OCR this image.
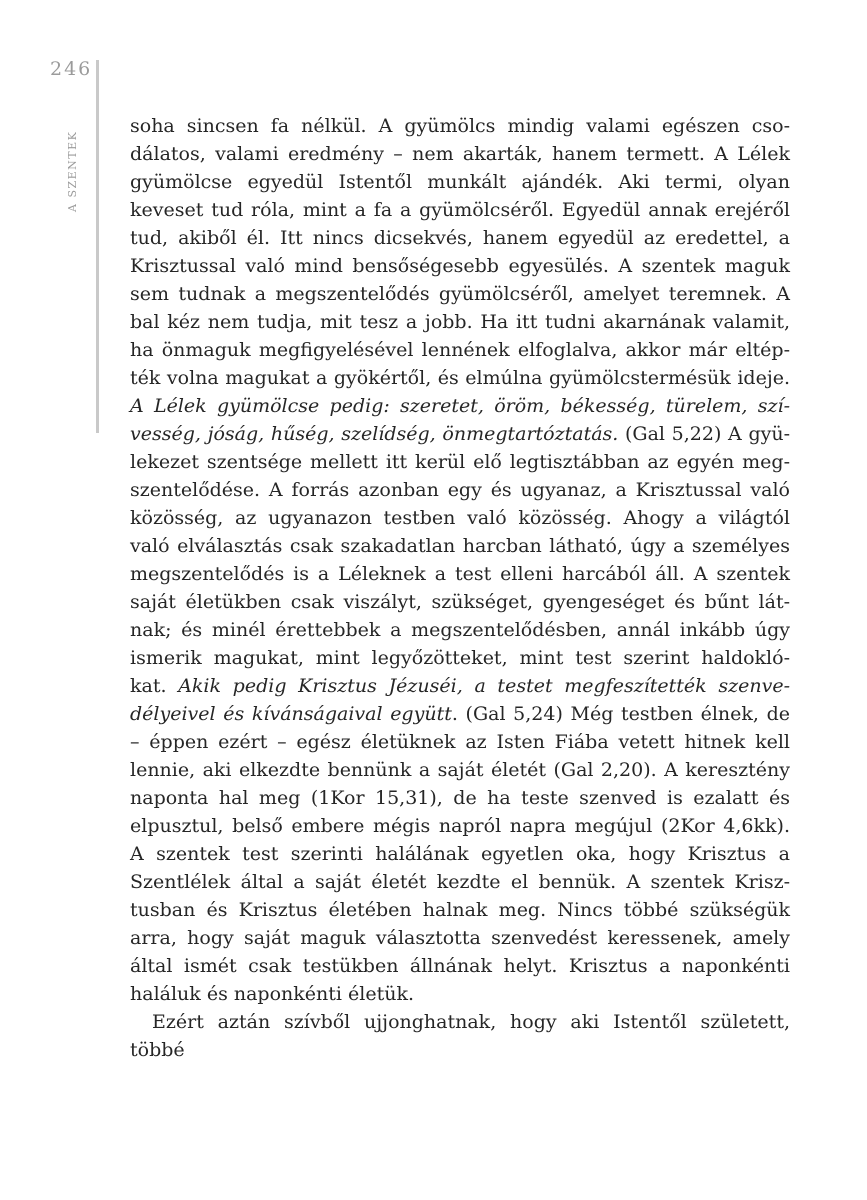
246
A SZENTEK
soha sincsen fa nélkül. A gyümölcs mindig valami egészen cso-
dálatos, valami eredmény – nem akarták, hanem termett. A Lélek
gyümölcse egyedül Istentől munkált ajándék. Aki termi, olyan
keveset tud róla, mint a fa a gyümölcséről. Egyedül annak erejéről
tud, akiből él. Itt nincs dicsekvés, hanem egyedül az eredettel, a
Krisztussal való mind bensőségesebb egyesülés. A szentek maguk
sem tudnak a megszentelődés gyümölcséről, amelyet teremnek. A
bal kéz nem tudja, mit tesz a jobb. Ha itt tudni akarnának valamit,
ha önmaguk megfigyelésével lennének elfoglalva, akkor már eltép-
ték volna magukat a gyökértől, és elmúlna gyümölcstermésük ideje.
A Lélek gyümölcse pedig: szeretet, öröm, békesség, türelem, szí-
vesség, jóság, hűség, szelídség, önmegtartóztatás. (Gal 5,22) A gyü-
lekezet szentsége mellett itt kerül elő legtisztábban az egyén meg-
szentelődése. A forrás azonban egy és ugyanaz, a Krisztussal való
közösség, az ugyanazon testben való közösség. Ahogy a világtól
való elválasztás csak szakadatlan harcban látható, úgy a személyes
megszentelődés is a Léleknek a test elleni harcából áll. A szentek
saját életükben csak viszályt, szükséget, gyengeséget és bűnt lát-
nak; és minél érettebbek a megszentelődésben, annál inkább úgy
ismerik magukat, mint legyőzötteket, mint test szerint haldokló-
kat. Akik pedig Krisztus Jézuséi, a testet megfeszítették szenve-
délyeivel és kívánságaival együtt. (Gal 5,24) Még testben élnek, de
– éppen ezért – egész életüknek az Isten Fiába vetett hitnek kell
lennie, aki elkezdte bennünk a saját életét (Gal 2,20). A keresztény
naponta hal meg (1Kor 15,31), de ha teste szenved is ezalatt és
elpusztul, belső embere mégis napról napra megújul (2Kor 4,6kk).
A szentek test szerinti halálának egyetlen oka, hogy Krisztus a
Szentlélek által a saját életét kezdte el bennük. A szentek Krisz-
tusban és Krisztus életében halnak meg. Nincs többé szükségük
arra, hogy saját maguk választotta szenvedést keressenek, amely
által ismét csak testükben állnának helyt. Krisztus a naponkénti
haláluk és naponkénti életük.
Ezért aztán szívből ujjonghatnak, hogy aki Istentől született, többé
